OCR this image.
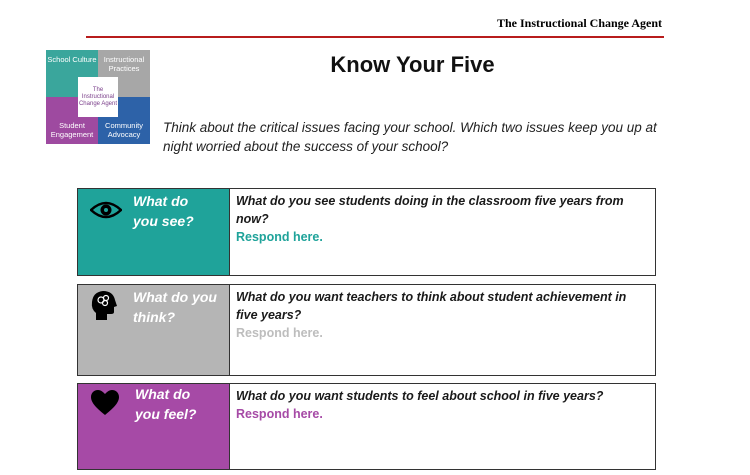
The Instructional Change Agent
School Culture Instructional Practices
Student Engagement
Community Advocacy
The Instructional Change Agent
Know Your Five
Think about the critical issues facing your school. Which two issues keep you up at night worried about the success of your school?
What do you see?
What do you see students doing in the classroom five years from now?
Respond here.
What do you think?
What do you want teachers to think about student achievement in five years?
Respond here.
What do you feel?
What do you want students to feel about school in five years?
Respond here.
